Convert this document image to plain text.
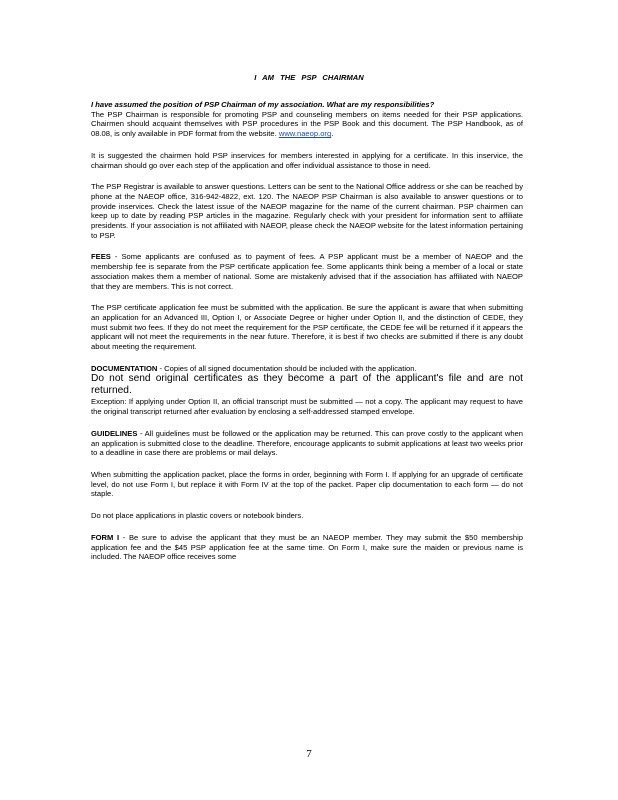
I AM THE PSP CHAIRMAN

I have assumed the position of PSP Chairman of my association. What are my responsibilities?

The PSP Chairman is responsible for promoting PSP and counseling members on items needed for their PSP applications. Chairmen should acquaint themselves with PSP procedures in the PSP Book and this document. The PSP Handbook, as of 08.08, is only available in PDF format from the website. www.naeop.org.

It is suggested the chairmen hold PSP inservices for members interested in applying for a certificate. In this inservice, the chairman should go over each step of the application and offer individual assistance to those in need.

The PSP Registrar is available to answer questions. Letters can be sent to the National Office address or she can be reached by phone at the NAEOP office, 316-942-4822, ext. 120. The NAEOP PSP Chairman is also available to answer questions or to provide inservices. Check the latest issue of the NAEOP magazine for the name of the current chairman. PSP chairmen can keep up to date by reading PSP articles in the magazine. Regularly check with your president for information sent to affiliate presidents. If your association is not affiliated with NAEOP, please check the NAEOP website for the latest information pertaining to PSP.

FEES - Some applicants are confused as to payment of fees. A PSP applicant must be a member of NAEOP and the membership fee is separate from the PSP certificate application fee. Some applicants think being a member of a local or state association makes them a member of national. Some are mistakenly advised that if the association has affiliated with NAEOP that they are members. This is not correct.

The PSP certificate application fee must be submitted with the application. Be sure the applicant is aware that when submitting an application for an Advanced III, Option I, or Associate Degree or higher under Option II, and the distinction of CEDE, they must submit two fees. If they do not meet the requirement for the PSP certificate, the CEDE fee will be returned if it appears the applicant will not meet the requirements in the near future. Therefore, it is best if two checks are submitted if there is any doubt about meeting the requirement.

DOCUMENTATION - Copies of all signed documentation should be included with the application.
Do not send original certificates as they become a part of the applicant's file and are not returned.
Exception: If applying under Option II, an official transcript must be submitted — not a copy. The applicant may request to have the original transcript returned after evaluation by enclosing a self-addressed stamped envelope.

GUIDELINES - All guidelines must be followed or the application may be returned. This can prove costly to the applicant when an application is submitted close to the deadline. Therefore, encourage applicants to submit applications at least two weeks prior to a deadline in case there are problems or mail delays.

When submitting the application packet, place the forms in order, beginning with Form I. If applying for an upgrade of certificate level, do not use Form I, but replace it with Form IV at the top of the packet. Paper clip documentation to each form — do not staple.

Do not place applications in plastic covers or notebook binders.

FORM I - Be sure to advise the applicant that they must be an NAEOP member. They may submit the $50 membership application fee and the $45 PSP application fee at the same time. On Form I, make sure the maiden or previous name is included. The NAEOP office receives some

7
